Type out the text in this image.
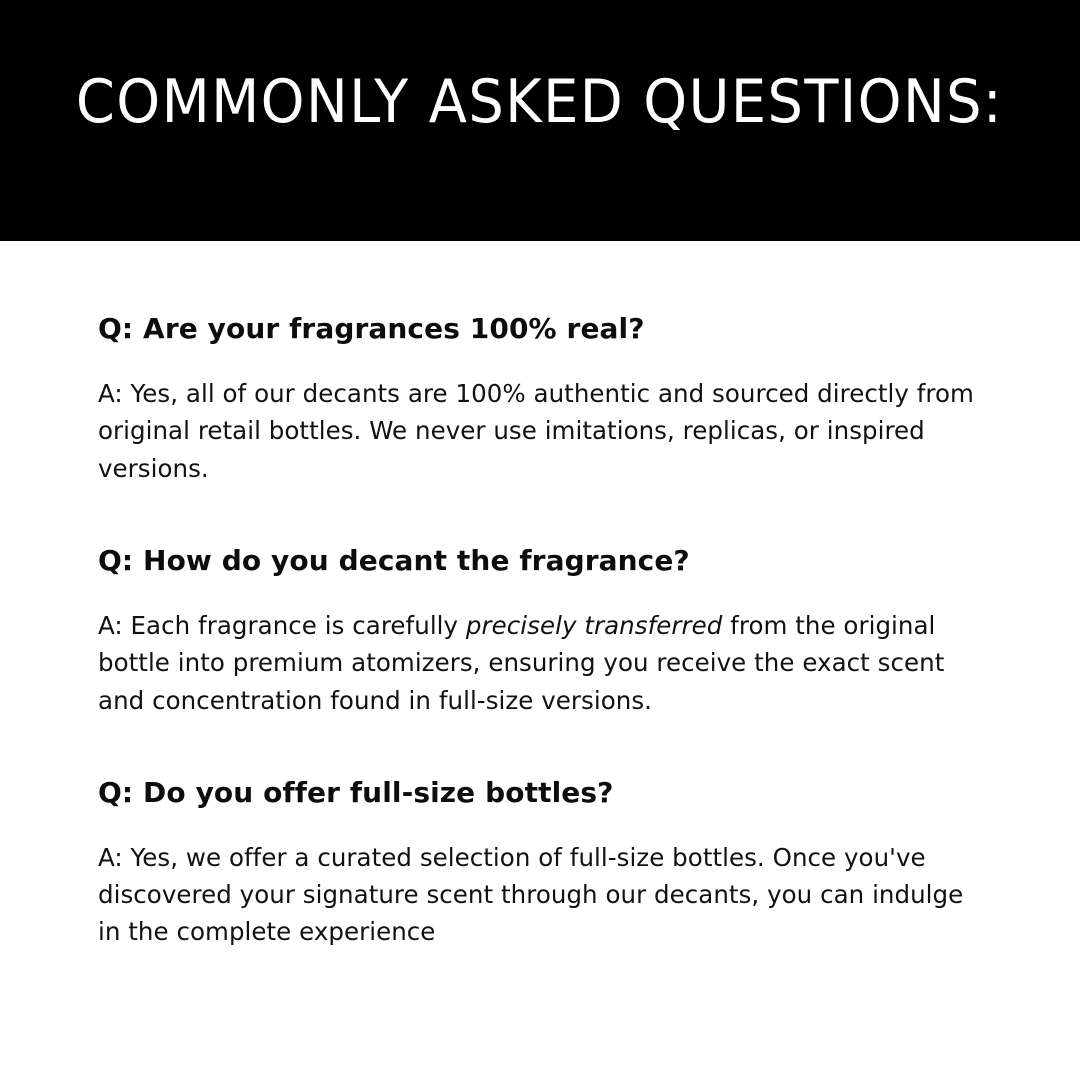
COMMONLY ASKED QUESTIONS:
Q: Are your fragrances 100% real?

A: Yes, all of our decants are 100% authentic and sourced directly from original retail bottles. We never use imitations, replicas, or inspired versions.

Q: How do you decant the fragrance?

A: Each fragrance is carefully precisely transferred from the original bottle into premium atomizers, ensuring you receive the exact scent and concentration found in full-size versions.

Q: Do you offer full-size bottles?

A: Yes, we offer a curated selection of full-size bottles. Once you've discovered your signature scent through our decants, you can indulge in the complete experience
